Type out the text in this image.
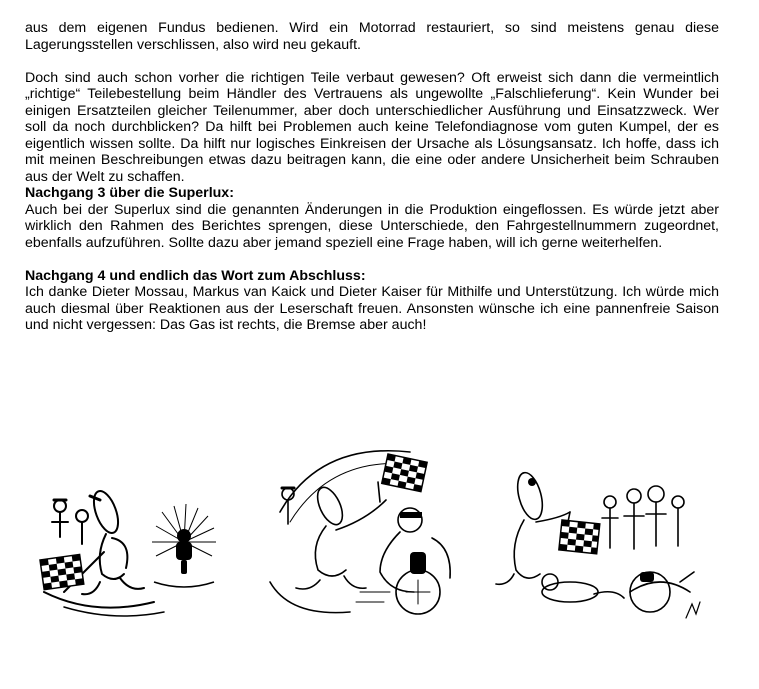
aus dem eigenen Fundus bedienen. Wird ein Motorrad restauriert, so sind meistens genau diese Lagerungsstellen verschlissen, also wird neu gekauft.

Doch sind auch schon vorher die richtigen Teile verbaut gewesen? Oft erweist sich dann die vermeintlich „richtige“ Teilebestellung beim Händler des Vertrauens als ungewollte „Falschlieferung“. Kein Wunder bei einigen Ersatzteilen gleicher Teilenummer, aber doch unterschiedlicher Ausführung und Einsatzzweck. Wer soll da noch durchblicken? Da hilft bei Problemen auch keine Telefondiagnose vom guten Kumpel, der es eigentlich wissen sollte. Da hilft nur logisches Einkreisen der Ursache als Lösungsansatz. Ich hoffe, dass ich mit meinen Beschreibungen etwas dazu beitragen kann, die eine oder andere Unsicherheit beim Schrauben aus der Welt zu schaffen.

Nachgang 3 über die Superlux:

Auch bei der Superlux sind die genannten Änderungen in die Produktion eingeflossen. Es würde jetzt aber wirklich den Rahmen des Berichtes sprengen, diese Unterschiede, den Fahrgestellnummern zugeordnet, ebenfalls aufzuführen. Sollte dazu aber jemand speziell eine Frage haben, will ich gerne weiterhelfen.

Nachgang 4 und endlich das Wort zum Abschluss:

Ich danke Dieter Mossau, Markus van Kaick und Dieter Kaiser für Mithilfe und Unterstützung. Ich würde mich auch diesmal über Reaktionen aus der Leserschaft freuen. Ansonsten wünsche ich eine pannenfreie Saison und nicht vergessen: Das Gas ist rechts, die Bremse aber auch!
